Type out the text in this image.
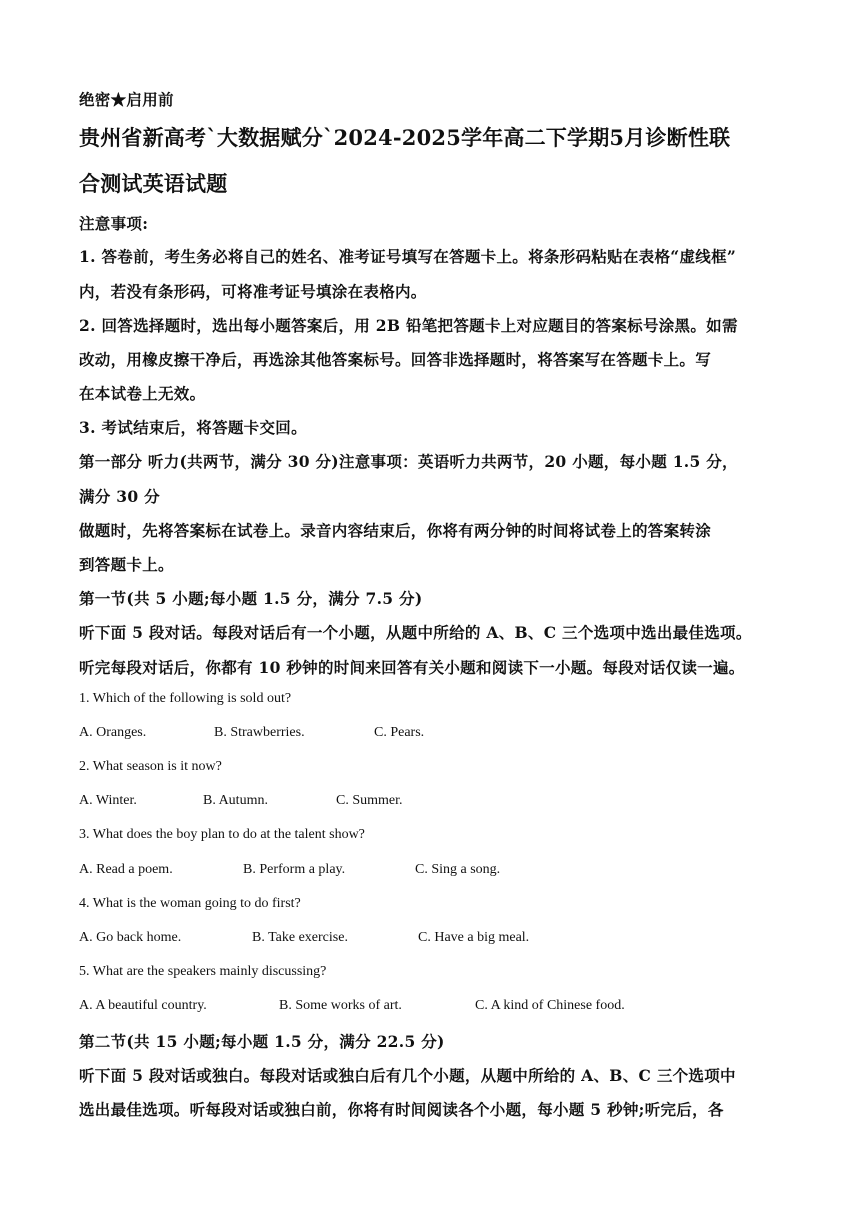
绝密★启用前
贵州省新高考`大数据赋分`2024-2025学年高二下学期5月诊断性联
合测试英语试题
注意事项:
1. 答卷前，考生务必将自己的姓名、准考证号填写在答题卡上。将条形码粘贴在表格“虚线框”
内，若没有条形码，可将准考证号填涂在表格内。
2. 回答选择题时，选出每小题答案后，用 2B 铅笔把答题卡上对应题目的答案标号涂黑。如需
改动，用橡皮擦干净后，再选涂其他答案标号。回答非选择题时，将答案写在答题卡上。写
在本试卷上无效。
3. 考试结束后，将答题卡交回。
第一部分 听力(共两节，满分 30 分)注意事项：英语听力共两节，20 小题，每小题 1.5 分，
满分 30 分
做题时，先将答案标在试卷上。录音内容结束后，你将有两分钟的时间将试卷上的答案转涂
到答题卡上。
第一节(共 5 小题;每小题 1.5 分，满分 7.5 分)
听下面 5 段对话。每段对话后有一个小题，从题中所给的 A、B、C 三个选项中选出最佳选项。
听完每段对话后，你都有 10 秒钟的时间来回答有关小题和阅读下一小题。每段对话仅读一遍。
1. Which of the following is sold out?
A. Oranges.	B. Strawberries.	C. Pears.
2. What season is it now?
A. Winter.	B. Autumn.	C. Summer.
3. What does the boy plan to do at the talent show?
A. Read a poem.	B. Perform a play.	C. Sing a song.
4. What is the woman going to do first?
A. Go back home.	B. Take exercise.	C. Have a big meal.
5. What are the speakers mainly discussing?
A. A beautiful country.	B. Some works of art.	C. A kind of Chinese food.
第二节(共 15 小题;每小题 1.5 分，满分 22.5 分)
听下面 5 段对话或独白。每段对话或独白后有几个小题，从题中所给的 A、B、C 三个选项中
选出最佳选项。听每段对话或独白前，你将有时间阅读各个小题，每小题 5 秒钟;听完后，各
